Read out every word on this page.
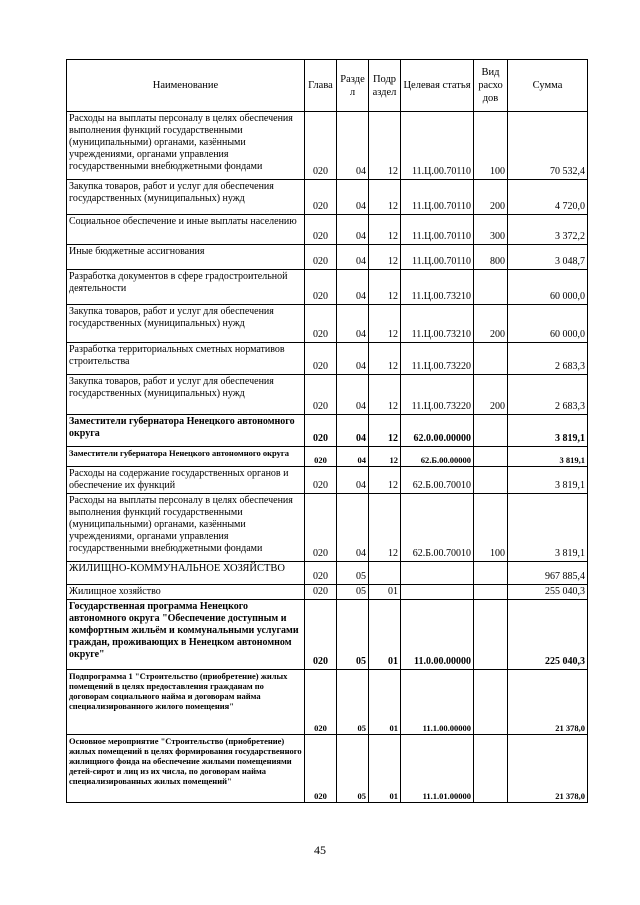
Наименование	Глава	Разде л	Подр аздел	Целевая статья	Вид расхо дов	Сумма
Расходы на выплаты персоналу в целях обеспечения выполнения функций государственными (муниципальными) органами, казёнными учреждениями, органами управления государственными внебюджетными фондами	020	04	12	11.Ц.00.70110	100	70 532,4
Закупка товаров, работ и услуг для обеспечения государственных (муниципальных) нужд	020	04	12	11.Ц.00.70110	200	4 720,0
Социальное обеспечение и иные выплаты населению	020	04	12	11.Ц.00.70110	300	3 372,2
Иные бюджетные ассигнования	020	04	12	11.Ц.00.70110	800	3 048,7
Разработка документов в сфере градостроительной деятельности	020	04	12	11.Ц.00.73210		60 000,0
Закупка товаров, работ и услуг для обеспечения государственных (муниципальных) нужд	020	04	12	11.Ц.00.73210	200	60 000,0
Разработка территориальных сметных нормативов строительства	020	04	12	11.Ц.00.73220		2 683,3
Закупка товаров, работ и услуг для обеспечения государственных (муниципальных) нужд	020	04	12	11.Ц.00.73220	200	2 683,3
Заместители губернатора Ненецкого автономного округа	020	04	12	62.0.00.00000		3 819,1
Заместители губернатора Ненецкого автономного округа	020	04	12	62.Б.00.00000		3 819,1
Расходы на содержание государственных органов и обеспечение их функций	020	04	12	62.Б.00.70010		3 819,1
Расходы на выплаты персоналу в целях обеспечения выполнения функций государственными (муниципальными) органами, казёнными учреждениями, органами управления государственными внебюджетными фондами	020	04	12	62.Б.00.70010	100	3 819,1
ЖИЛИЩНО-КОММУНАЛЬНОЕ ХОЗЯЙСТВО	020	05				967 885,4
Жилищное хозяйство	020	05	01			255 040,3
Государственная программа Ненецкого автономного округа "Обеспечение доступным и комфортным жильём и коммунальными услугами граждан, проживающих в Ненецком автономном округе"	020	05	01	11.0.00.00000		225 040,3
Подпрограмма 1 "Строительство (приобретение) жилых помещений в целях предоставления гражданам по договорам социального найма и договорам найма специализированного жилого помещения"	020	05	01	11.1.00.00000		21 378,0
Основное мероприятие "Строительство (приобретение) жилых помещений в целях формирования государственного жилищного фонда на обеспечение жилыми помещениями детей-сирот и лиц из их числа, по договорам найма специализированных жилых помещений"	020	05	01	11.1.01.00000		21 378,0
45
